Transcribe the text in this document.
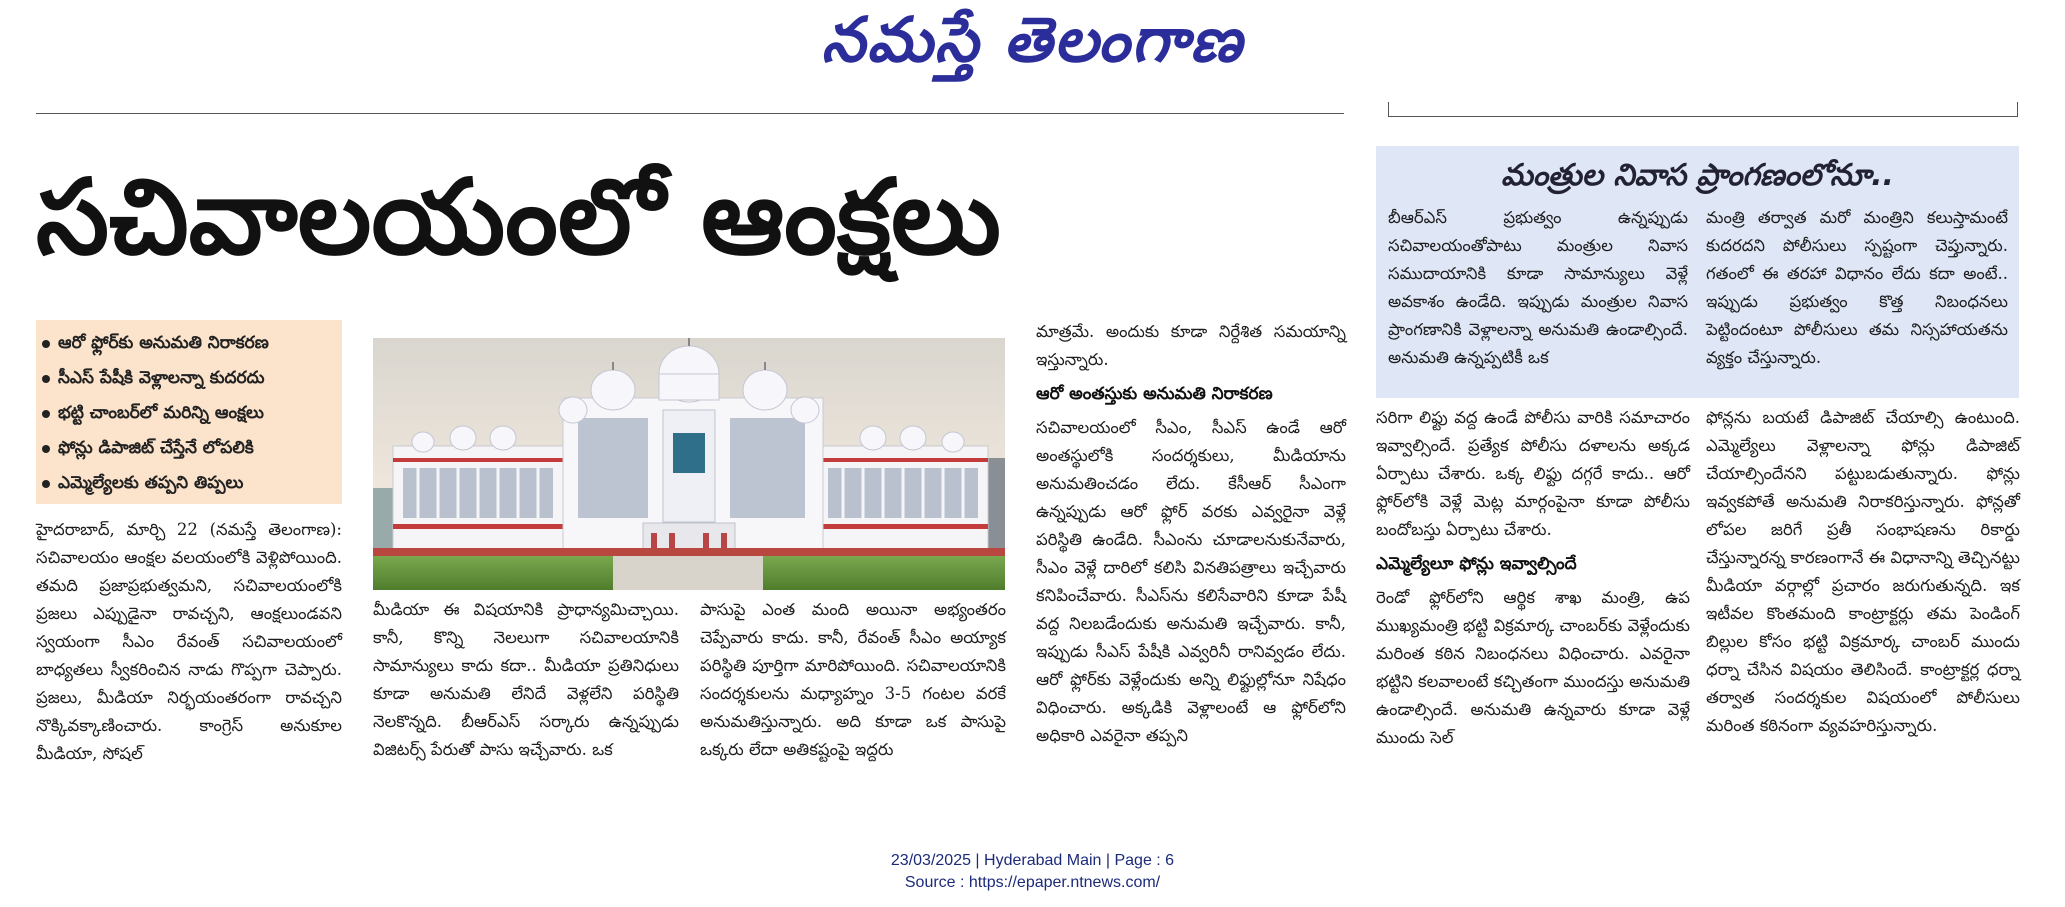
నమస్తే తెలంగాణ
సచివాలయంలో ఆంక్షలు
ఆరో ఫ్లోర్‌కు అనుమతి నిరాకరణ
సీఎస్ పేషీకి వెళ్లాలన్నా కుదరదు
భట్టి చాంబర్‌లో మరిన్ని ఆంక్షలు
ఫోన్లు డిపాజిట్ చేస్తేనే లోపలికి
ఎమ్మెల్యేలకు తప్పని తిప్పలు

హైదరాబాద్, మార్చి 22 (నమస్తే తెలంగాణ): సచివాలయం ఆంక్షల వలయంలోకి వెళ్లిపోయింది. తమది ప్రజాప్రభుత్వమని, సచివాలయంలోకి ప్రజలు ఎప్పుడైనా రావచ్చని, ఆంక్షలుండవని స్వయంగా సీఎం రేవంత్ సచివాలయంలో బాధ్యతలు స్వీకరించిన నాడు గొప్పగా చెప్పారు. ప్రజలు, మీడియా నిర్భయంతరంగా రావచ్చని నొక్కివక్కాణించారు. కాంగ్రెస్ అనుకూల మీడియా, సోషల్

మీడియా ఈ విషయానికి ప్రాధాన్యమిచ్చాయి. కానీ, కొన్ని నెలలుగా సచివాలయానికి సామాన్యులు కాదు కదా.. మీడియా ప్రతినిధులు కూడా అనుమతి లేనిదే వెళ్లలేని పరిస్థితి నెలకొన్నది. బీఆర్‌ఎస్ సర్కారు ఉన్నప్పుడు విజిటర్స్ పేరుతో పాసు ఇచ్చేవారు. ఒక

పాసుపై ఎంత మంది అయినా అభ్యంతరం చెప్పేవారు కాదు. కానీ, రేవంత్ సీఎం అయ్యాక పరిస్థితి పూర్తిగా మారిపోయింది. సచివాలయానికి సందర్శకులను మధ్యాహ్నం 3-5 గంటల వరకే అనుమతిస్తున్నారు. అది కూడా ఒక పాసుపై ఒక్కరు లేదా అతికష్టంపై ఇద్దరు

మాత్రమే. అందుకు కూడా నిర్దేశిత సమయాన్ని ఇస్తున్నారు.

ఆరో అంతస్తుకు అనుమతి నిరాకరణ

సచివాలయంలో సీఎం, సీఎస్ ఉండే ఆరో అంతస్థులోకి సందర్శకులు, మీడియాను అనుమతించడం లేదు. కేసీఆర్ సీఎంగా ఉన్నప్పుడు ఆరో ఫ్లోర్ వరకు ఎవ్వరైనా వెళ్లే పరిస్థితి ఉండేది. సీఎంను చూడాలనుకునేవారు, సీఎం వెళ్లే దారిలో కలిసి వినతిపత్రాలు ఇచ్చేవారు కనిపించేవారు. సీఎస్‌ను కలిసేవారిని కూడా పేషీ వద్ద నిలబడేందుకు అనుమతి ఇచ్చేవారు. కానీ, ఇప్పుడు సీఎస్ పేషీకి ఎవ్వరినీ రానివ్వడం లేదు. ఆరో ఫ్లోర్‌కు వెళ్లేందుకు అన్ని లిఫ్టుల్లోనూ నిషేధం విధించారు. అక్కడికి వెళ్లాలంటే ఆ ఫ్లోర్‌లోని అధికారి ఎవరైనా తప్పని

మంత్రుల నివాస ప్రాంగణంలోనూ..

బీఆర్‌ఎస్ ప్రభుత్వం ఉన్నప్పుడు సచివాలయంతోపాటు మంత్రుల నివాస సముదాయానికి కూడా సామాన్యులు వెళ్లే అవకాశం ఉండేది. ఇప్పుడు మంత్రుల నివాస ప్రాంగణానికి వెళ్లాలన్నా అనుమతి ఉండాల్సిందే. అనుమతి ఉన్నప్పటికీ ఒక

మంత్రి తర్వాత మరో మంత్రిని కలుస్తామంటే కుదరదని పోలీసులు స్పష్టంగా చెప్తున్నారు. గతంలో ఈ తరహా విధానం లేదు కదా అంటే.. ఇప్పుడు ప్రభుత్వం కొత్త నిబంధనలు పెట్టిందంటూ పోలీసులు తమ నిస్సహాయతను వ్యక్తం చేస్తున్నారు.

సరిగా లిఫ్టు వద్ద ఉండే పోలీసు వారికి సమాచారం ఇవ్వాల్సిందే. ప్రత్యేక పోలీసు దళాలను అక్కడ ఏర్పాటు చేశారు. ఒక్క లిఫ్టు దగ్గరే కాదు.. ఆరో ఫ్లోర్‌లోకి వెళ్లే మెట్ల మార్గంపైనా కూడా పోలీసు బందోబస్తు ఏర్పాటు చేశారు.

ఎమ్మెల్యేలూ ఫోన్లు ఇవ్వాల్సిందే

రెండో ఫ్లోర్‌లోని ఆర్థిక శాఖ మంత్రి, ఉప ముఖ్యమంత్రి భట్టి విక్రమార్క చాంబర్‌కు వెళ్లేందుకు మరింత కఠిన నిబంధనలు విధించారు. ఎవరైనా భట్టిని కలవాలంటే కచ్చితంగా ముందస్తు అనుమతి ఉండాల్సిందే. అనుమతి ఉన్నవారు కూడా వెళ్లే ముందు సెల్

ఫోన్లను బయటే డిపాజిట్ చేయాల్సి ఉంటుంది. ఎమ్మెల్యేలు వెళ్లాలన్నా ఫోన్లు డిపాజిట్ చేయాల్సిందేనని పట్టుబడుతున్నారు. ఫోన్లు ఇవ్వకపోతే అనుమతి నిరాకరిస్తున్నారు. ఫోన్లతో లోపల జరిగే ప్రతీ సంభాషణను రికార్డు చేస్తున్నారన్న కారణంగానే ఈ విధానాన్ని తెచ్చినట్టు మీడియా వర్గాల్లో ప్రచారం జరుగుతున్నది. ఇక ఇటీవల కొంతమంది కాంట్రాక్టర్లు తమ పెండింగ్ బిల్లుల కోసం భట్టి విక్రమార్క చాంబర్ ముందు ధర్నా చేసిన విషయం తెలిసిందే. కాంట్రాక్టర్ల ధర్నా తర్వాత సందర్శకుల విషయంలో పోలీసులు మరింత కఠినంగా వ్యవహరిస్తున్నారు.

23/03/2025 | Hyderabad Main | Page : 6
Source : https://epaper.ntnews.com/
